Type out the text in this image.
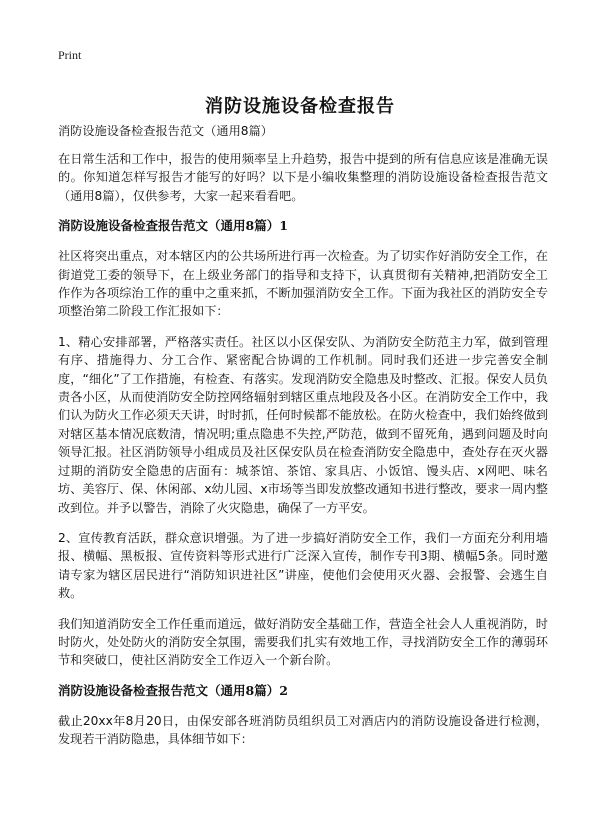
Print
消防设施设备检查报告
消防设施设备检查报告范文（通用8篇）

在日常生活和工作中，报告的使用频率呈上升趋势，报告中提到的所有信息应该是准确无误的。你知道怎样写报告才能写的好吗？以下是小编收集整理的消防设施设备检查报告范文（通用8篇），仅供参考，大家一起来看看吧。

消防设施设备检查报告范文（通用8篇）1

社区将突出重点，对本辖区内的公共场所进行再一次检查。为了切实作好消防安全工作，在街道党工委的领导下，在上级业务部门的指导和支持下，认真贯彻有关精神,把消防安全工作作为各项综治工作的重中之重来抓，不断加强消防安全工作。下面为我社区的消防安全专项整治第二阶段工作汇报如下：

1、精心安排部署，严格落实责任。社区以小区保安队、为消防安全防范主力军，做到管理有序、措施得力、分工合作、紧密配合协调的工作机制。同时我们还进一步完善安全制度，“细化”了工作措施，有检查、有落实。发现消防安全隐患及时整改、汇报。保安人员负责各小区，从而使消防安全防控网络辐射到辖区重点地段及各小区。在消防安全工作中，我们认为防火工作必须天天讲，时时抓，任何时候都不能放松。在防火检查中，我们始终做到对辖区基本情况底数清，情况明;重点隐患不失控,严防范，做到不留死角，遇到问题及时向领导汇报。社区消防领导小组成员及社区保安队员在检查消防安全隐患中，查处存在灭火器过期的消防安全隐患的店面有：城茶馆、茶馆、家具店、小饭馆、馒头店、x网吧、味名坊、美容厅、保、休闲部、x幼儿园、x市场等当即发放整改通知书进行整改，要求一周内整改到位。并予以警告，消除了火灾隐患，确保了一方平安。

2、宣传教育活跃，群众意识增强。为了进一步搞好消防安全工作，我们一方面充分利用墙报、横幅、黑板报、宣传资料等形式进行广泛深入宣传，制作专刊3期、横幅5条。同时邀请专家为辖区居民进行“消防知识进社区”讲座，使他们会使用灭火器、会报警、会逃生自救。

我们知道消防安全工作任重而道远，做好消防安全基础工作，营造全社会人人重视消防，时时防火，处处防火的消防安全氛围，需要我们扎实有效地工作，寻找消防安全工作的薄弱环节和突破口，使社区消防安全工作迈入一个新台阶。

消防设施设备检查报告范文（通用8篇）2

截止20xx年8月20日，由保安部各班消防员组织员工对酒店内的消防设施设备进行检测，发现若干消防隐患，具体细节如下：
